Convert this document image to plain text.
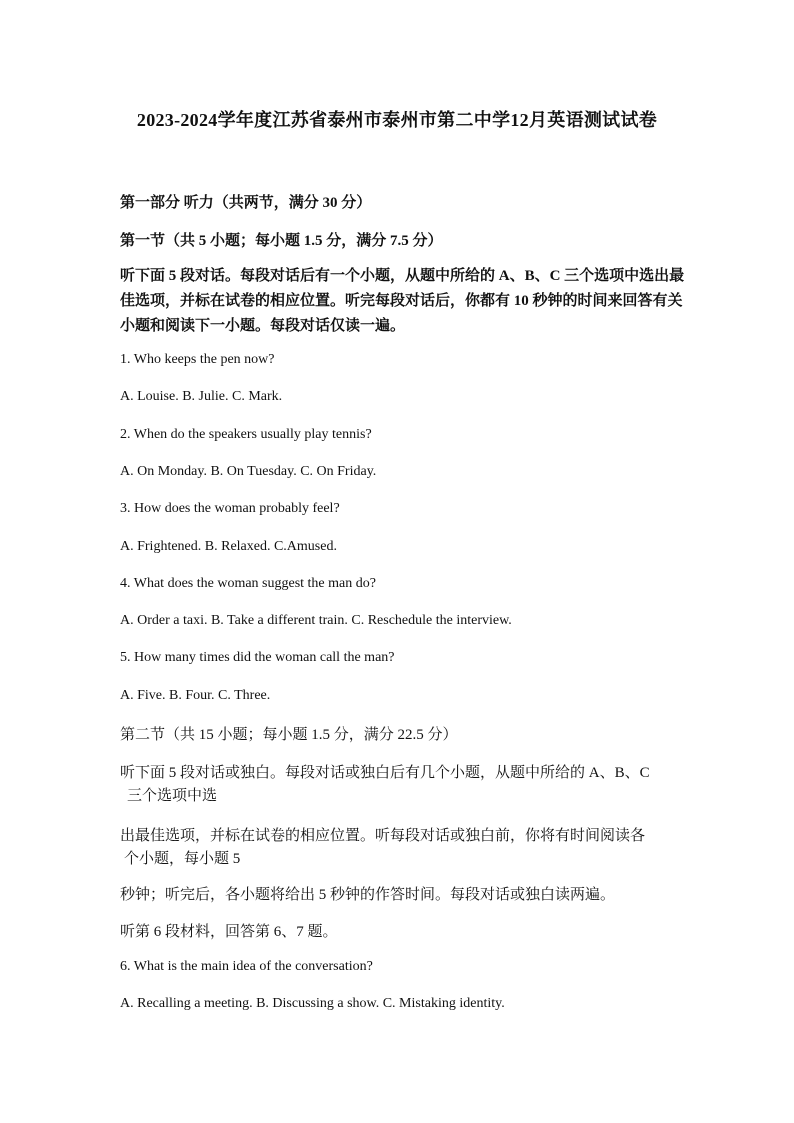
2023-2024学年度江苏省泰州市泰州市第二中学12月英语测试试卷
第一部分 听力（共两节，满分 30 分）
第一节（共 5 小题；每小题 1.5 分，满分 7.5 分）
听下面 5 段对话。每段对话后有一个小题，从题中所给的 A、B、C 三个选项中选出最佳选项，并标在试卷的相应位置。听完每段对话后，你都有 10 秒钟的时间来回答有关小题和阅读下一小题。每段对话仅读一遍。
1. Who keeps the pen now?
A. Louise. B. Julie. C. Mark.
2. When do the speakers usually play tennis?
A. On Monday. B. On Tuesday. C. On Friday.
3. How does the woman probably feel?
A. Frightened. B. Relaxed. C.Amused.
4. What does the woman suggest the man do?
A. Order a taxi. B. Take a different train. C. Reschedule the interview.
5. How many times did the woman call the man?
A. Five. B. Four. C. Three.
第二节（共 15 小题；每小题 1.5 分，满分 22.5 分）
听下面 5 段对话或独白。每段对话或独白后有几个小题，从题中所给的 A、B、C
三个选项中选
出最佳选项，并标在试卷的相应位置。听每段对话或独白前，你将有时间阅读各
个小题，每小题 5
秒钟；听完后，各小题将给出 5 秒钟的作答时间。每段对话或独白读两遍。
听第 6 段材料，回答第 6、7 题。
6. What is the main idea of the conversation?
A. Recalling a meeting. B. Discussing a show. C. Mistaking identity.
